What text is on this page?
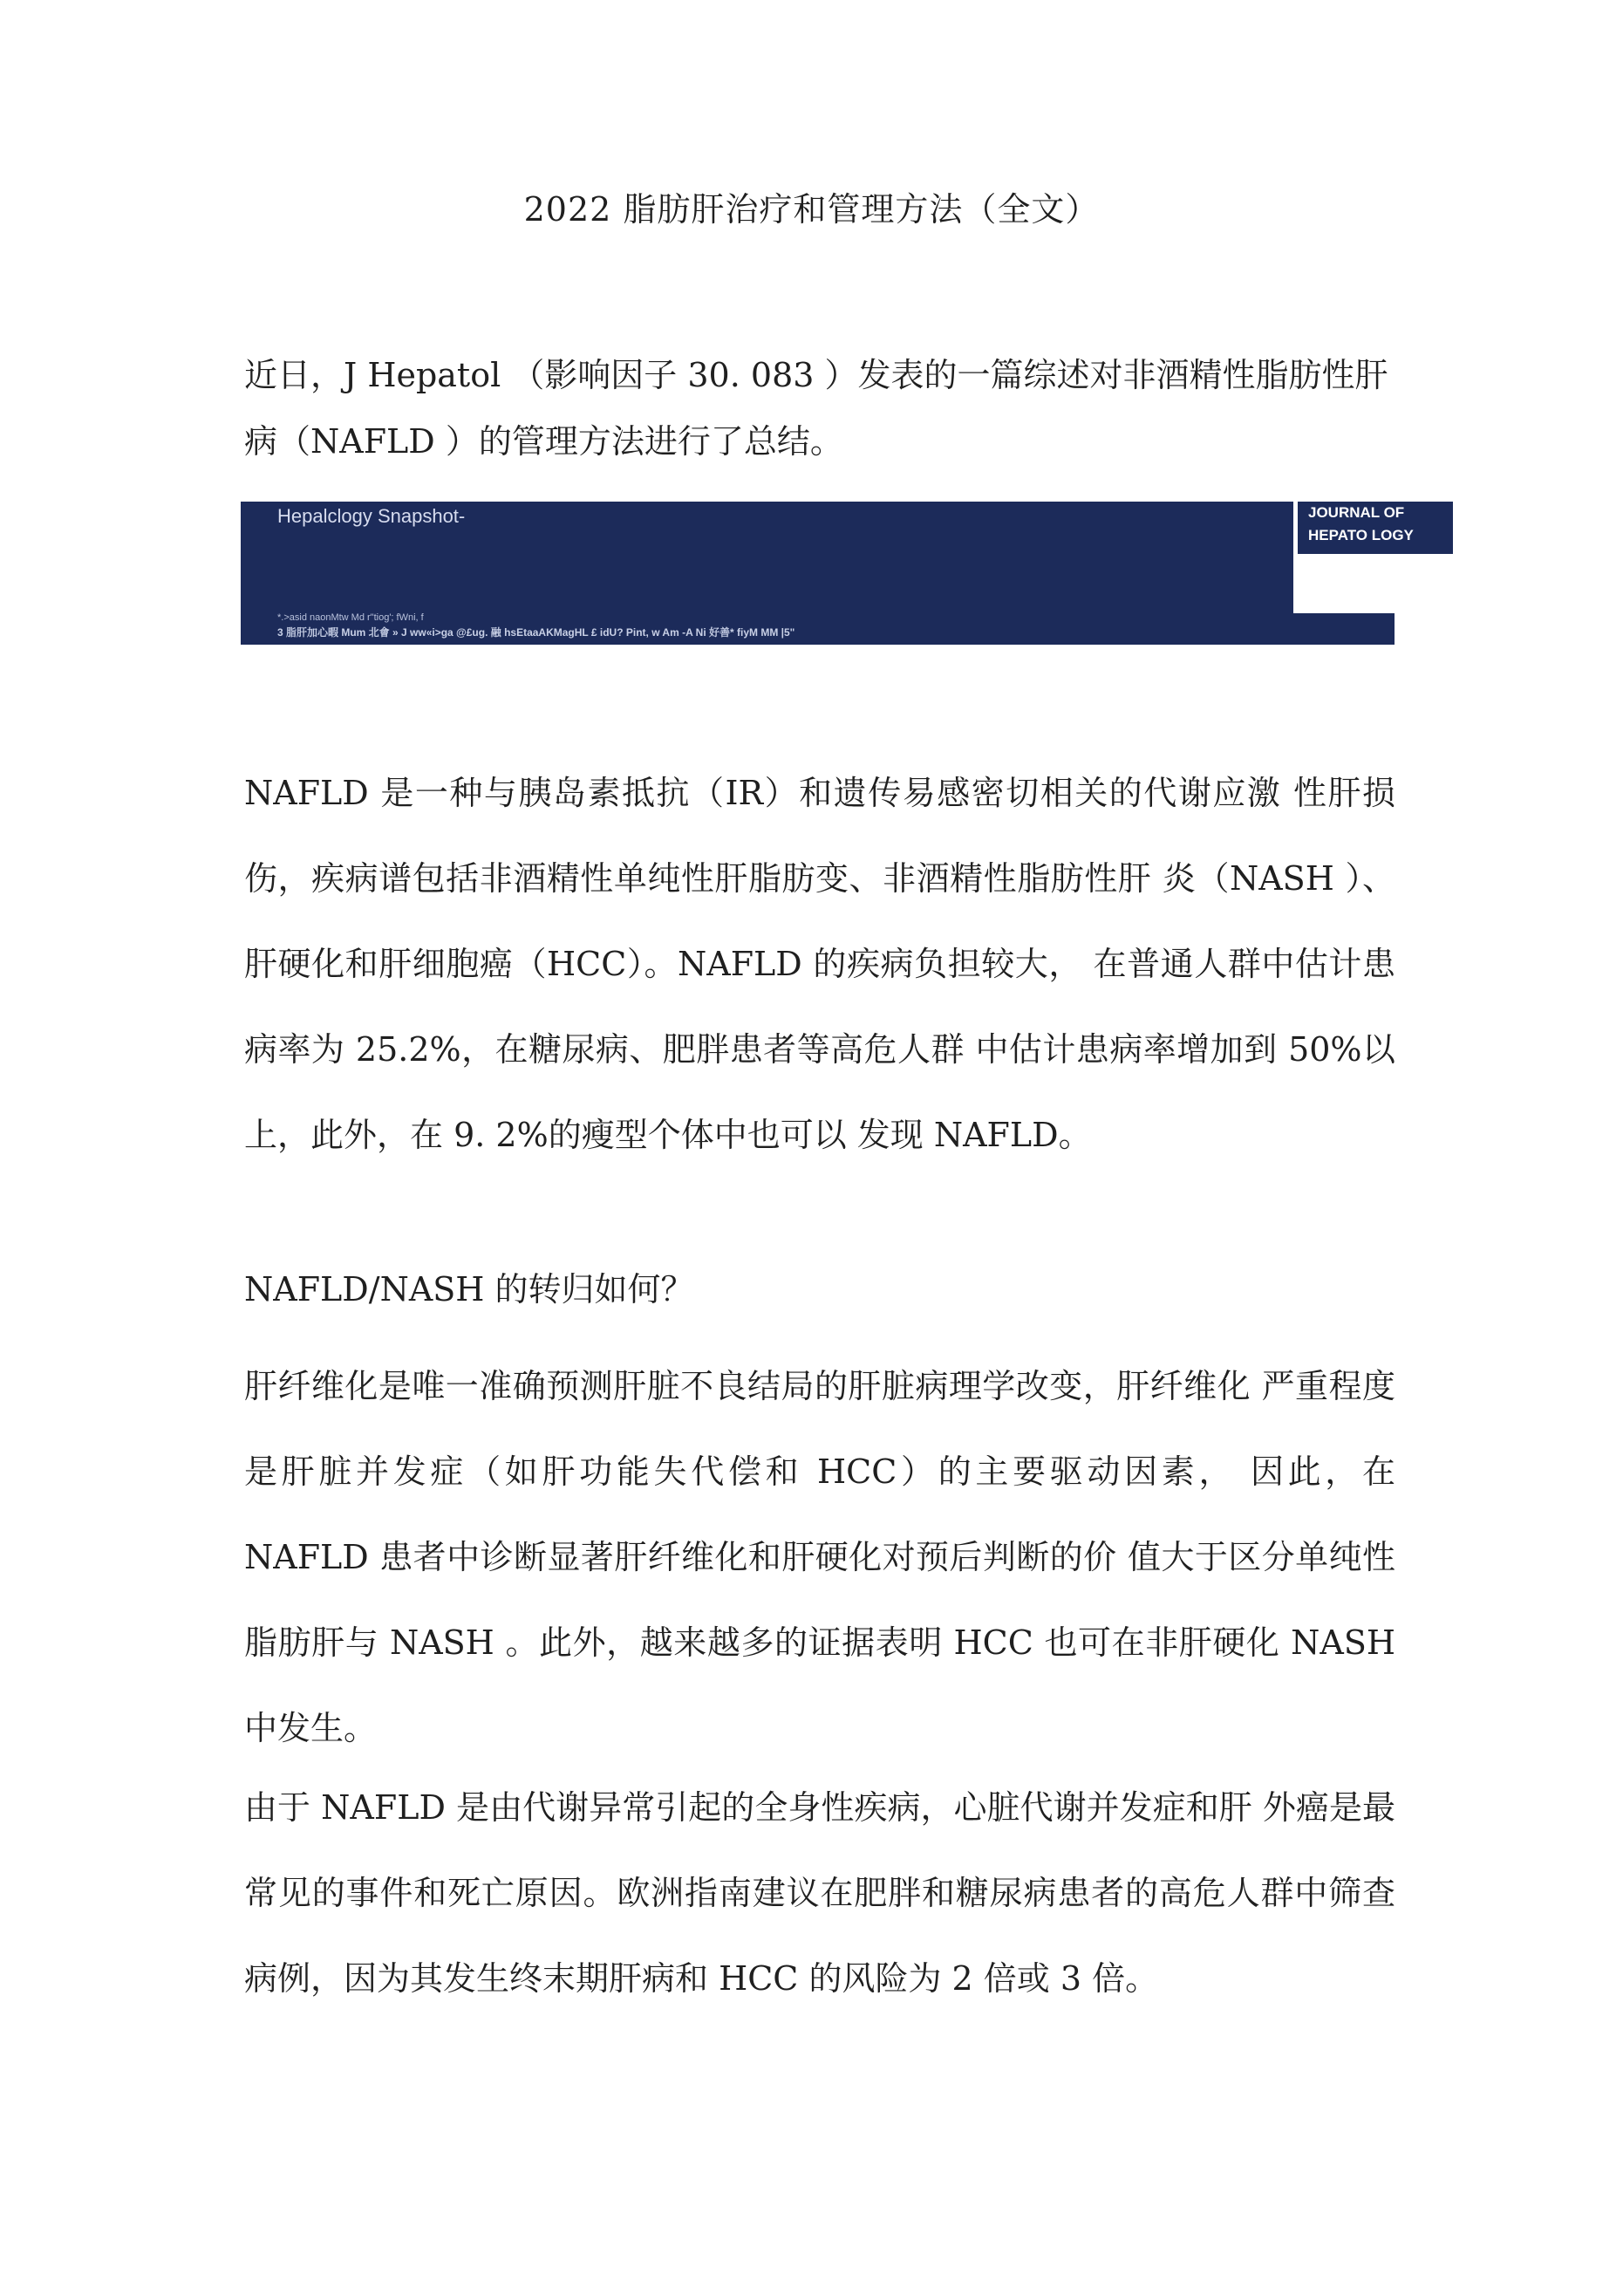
2022 脂肪肝治疗和管理方法（全文）

近日，J Hepatol （影响因子 30. 083 ）发表的一篇综述对非酒精性脂肪性肝病（NAFLD ）的管理方法进行了总结。

Hepalclogy Snapshot-
*.>asid naonMtw Md r"tiog'; fWni, f
3 脂肝加心暇 Mum 北會 » J ww«i>ga @£ug. 融 hsEtaaAKMagHL £ idU? Pint, w Am -A Ni 好善* fiyM MM |5"
JOURNAL OF
HEPATO LOGY

NAFLD 是一种与胰岛素抵抗（IR）和遗传易感密切相关的代谢应激 性肝损伤，疾病谱包括非酒精性单纯性肝脂肪变、非酒精性脂肪性肝 炎（NASH ）、肝硬化和肝细胞癌（HCC）。NAFLD 的疾病负担较大， 在普通人群中估计患病率为 25.2%，在糖尿病、肥胖患者等高危人群 中估计患病率增加到 50%以上，此外，在 9. 2%的瘦型个体中也可以 发现 NAFLD。

NAFLD/NASH 的转归如何？

肝纤维化是唯一准确预测肝脏不良结局的肝脏病理学改变，肝纤维化 严重程度是肝脏并发症（如肝功能失代偿和 HCC）的主要驱动因素， 因此，在 NAFLD 患者中诊断显著肝纤维化和肝硬化对预后判断的价 值大于区分单纯性脂肪肝与 NASH 。此外，越来越多的证据表明 HCC 也可在非肝硬化 NASH 中发生。

由于 NAFLD 是由代谢异常引起的全身性疾病，心脏代谢并发症和肝 外癌是最常见的事件和死亡原因。欧洲指南建议在肥胖和糖尿病患者的高危人群中筛查病例，因为其发生终末期肝病和 HCC 的风险为 2 倍或 3 倍。
